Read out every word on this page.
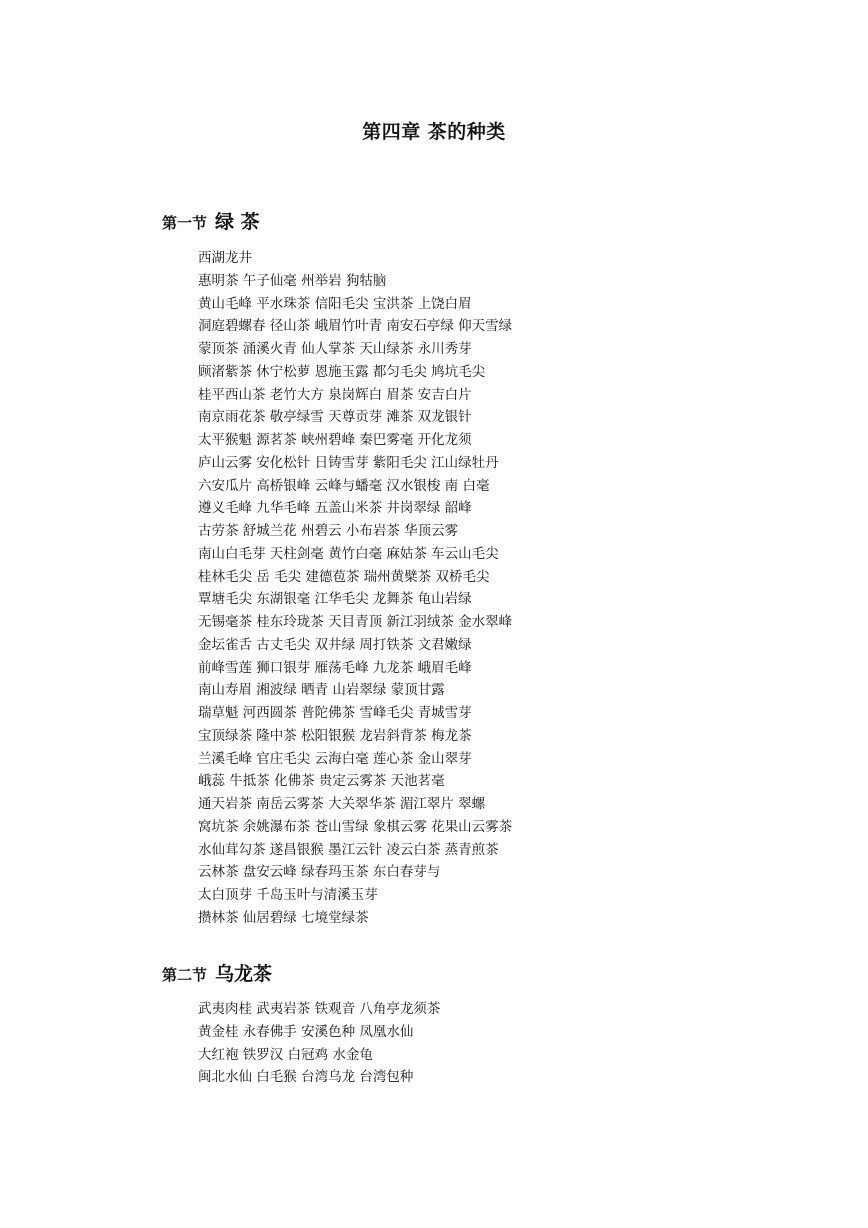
第四章 茶的种类
第一节 绿 茶
西湖龙井
惠明茶 午子仙毫 州举岩 狗牯脑
黄山毛峰 平水珠茶 信阳毛尖 宝洪茶 上饶白眉
洞庭碧螺春 径山茶 峨眉竹叶青 南安石亭绿 仰天雪绿
蒙顶茶 涌溪火青 仙人掌茶 天山绿茶 永川秀芽
顾渚紫茶 休宁松萝 恩施玉露 都匀毛尖 鸠坑毛尖
桂平西山茶 老竹大方 泉岗辉白 眉茶 安吉白片
南京雨花茶 敬亭绿雪 天尊贡芽 滩茶 双龙银针
太平猴魁 源茗茶 峡州碧峰 秦巴雾毫 开化龙须
庐山云雾 安化松针 日铸雪芽 紫阳毛尖 江山绿牡丹
六安瓜片 高桥银峰 云峰与蟠毫 汉水银梭 南 白毫
遵义毛峰 九华毛峰 五盖山米茶 井岗翠绿 韶峰
古劳茶 舒城兰花 州碧云 小布岩茶 华顶云雾
南山白毛芽 天柱剑毫 黄竹白毫 麻姑茶 车云山毛尖
桂林毛尖 岳 毛尖 建德苞茶 瑞州黄檗茶 双桥毛尖
覃塘毛尖 东湖银毫 江华毛尖 龙舞茶 龟山岩绿
无锡毫茶 桂东玲珑茶 天目青顶 新江羽绒茶 金水翠峰
金坛雀舌 古丈毛尖 双井绿 周打铁茶 文君嫩绿
前峰雪莲 狮口银芽 雁荡毛峰 九龙茶 峨眉毛峰
南山寿眉 湘波绿 晒青 山岩翠绿 蒙顶甘露
瑞草魁 河西圆茶 普陀佛茶 雪峰毛尖 青城雪芽
宝顶绿茶 隆中茶 松阳银猴 龙岩斜背茶 梅龙茶
兰溪毛峰 官庄毛尖 云海白毫 莲心茶 金山翠芽
峨蕊 牛抵茶 化佛茶 贵定云雾茶 天池茗毫
通天岩茶 南岳云雾茶 大关翠华茶 湄江翠片 翠螺
窝坑茶 余姚瀑布茶 苍山雪绿 象棋云雾 花果山云雾茶
水仙茸勾茶 遂昌银猴 墨江云针 凌云白茶 蒸青煎茶
云林茶 盘安云峰 绿春玛玉茶 东白春芽与
太白顶芽 千岛玉叶与清溪玉芽
攒林茶 仙居碧绿 七境堂绿茶
第二节 乌龙茶
武夷肉桂 武夷岩茶 铁观音 八角亭龙须茶
黄金桂 永春佛手 安溪色种 凤凰水仙
大红袍 铁罗汉 白冠鸡 水金龟
闽北水仙 白毛猴 台湾乌龙 台湾包种
